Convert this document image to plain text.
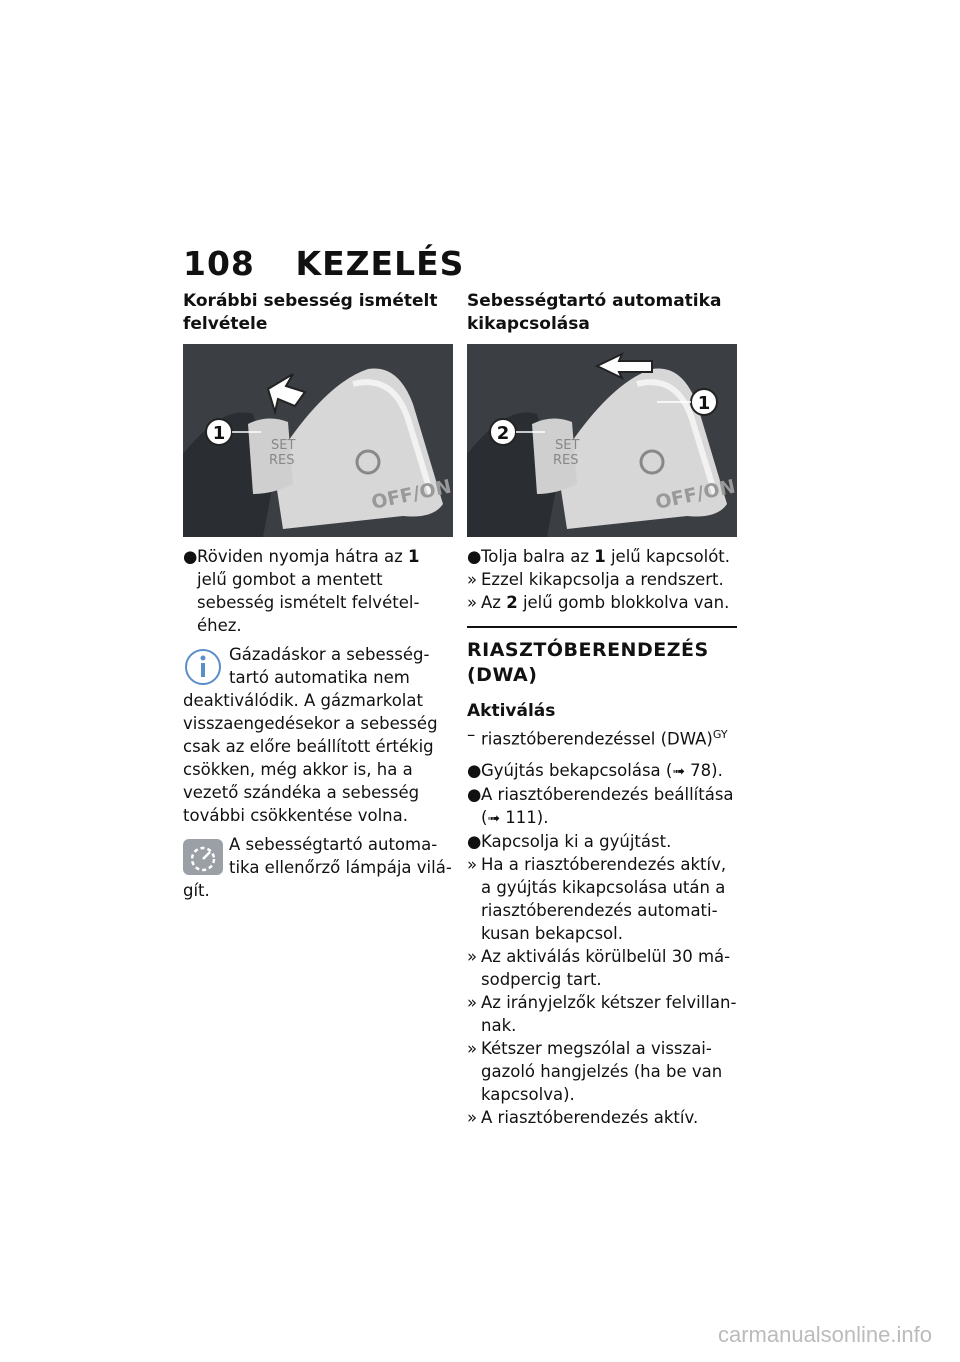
108 KEZELÉS
Korábbi sebesség ismételt felvétele
1
SET
RES
OFF/ON
● Röviden nyomja hátra az 1 jelű gombot a mentett sebesség ismételt felvételéhez.
Gázadáskor a sebességtartó automatika nem deaktiválódik. A gázmarkolat visszaengedésekor a sebesség csak az előre beállított értékig csökken, még akkor is, ha a vezető szándéka a sebesség további csökkentése volna.
A sebességtartó automatika ellenőrző lámpája világít.
Sebességtartó automatika kikapcsolása
1
2
SET
RES
OFF/ON
● Tolja balra az 1 jelű kapcsolót.
» Ezzel kikapcsolja a rendszert.
» Az 2 jelű gomb blokkolva van.
RIASZTÓBERENDEZÉS (DWA)
Aktiválás
– riasztóberendezéssel (DWA)$^{GY}$
● Gyújtás bekapcsolása (➟ 78).
● A riasztóberendezés beállítása (➟ 111).
● Kapcsolja ki a gyújtást.
» Ha a riasztóberendezés aktív, a gyújtás kikapcsolása után a riasztóberendezés automatikusan bekapcsol.
» Az aktiválás körülbelül 30 másodpercig tart.
» Az irányjelzők kétszer felvillannak.
» Kétszer megszólal a visszaigazoló hangjelzés (ha be van kapcsolva).
» A riasztóberendezés aktív.
carmanualsonline.info
